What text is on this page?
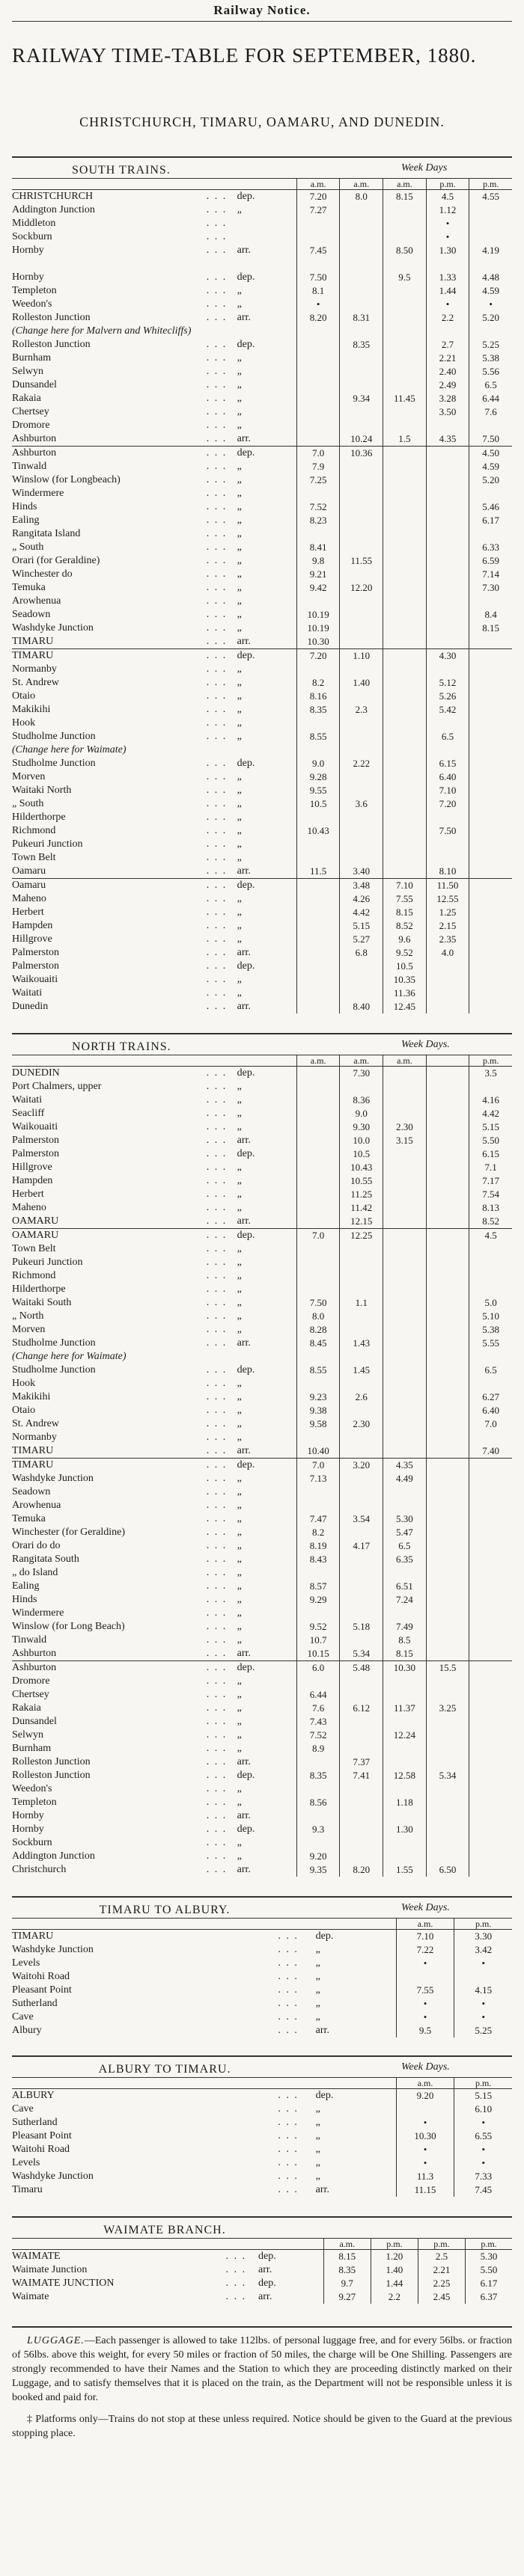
Railway Notice.
RAILWAY TIME-TABLE FOR SEPTEMBER, 1880.
CHRISTCHURCH, TIMARU, OAMARU, AND DUNEDIN.
SOUTH TRAINS.	Week Days
				a.m.	a.m.	a.m.	p.m.	p.m.
CHRISTCHURCH	. . .	dep.		7.20	8.0	8.15	4.5	4.55
Addington Junction	. . .	„		7.27			1.12	
Middleton	. . .						•	
Sockburn	. . .						•	
Hornby	. . .	arr.		7.45		8.50	1.30	4.19

Hornby	. . .	dep.		7.50		9.5	1.33	4.48
Templeton	. . .	„		8.1			1.44	4.59
Weedon's	. . .	„		•			•	•
Rolleston Junction	. . .	arr.		8.20	8.31		2.2	5.20
(Change here for Malvern and Whitecliffs)								
Rolleston Junction	. . .	dep.			8.35		2.7	5.25
Burnham	. . .	„					2.21	5.38
Selwyn	. . .	„					2.40	5.56
Dunsandel	. . .	„					2.49	6.5
Rakaia	. . .	„			9.34	11.45	3.28	6.44
Chertsey	. . .	„					3.50	7.6
Dromore	. . .	„						
Ashburton	. . .	arr.			10.24	1.5	4.35	7.50
Ashburton	. . .	dep.		7.0	10.36			4.50
Tinwald	. . .	„		7.9				4.59
Winslow (for Longbeach)	. . .	„		7.25				5.20
Windermere	. . .	„						
Hinds	. . .	„		7.52				5.46
Ealing	. . .	„		8.23				6.17
Rangitata Island	. . .	„						
„ South	. . .	„		8.41				6.33
Orari (for Geraldine)	. . .	„		9.8	11.55			6.59
Winchester do	. . .	„		9.21				7.14
Temuka	. . .	„		9.42	12.20			7.30
Arowhenua	. . .	„						
Seadown	. . .	„		10.19				8.4
Washdyke Junction	. . .	„		10.19				8.15
TIMARU	. . .	arr.		10.30				
TIMARU	. . .	dep.		7.20	1.10		4.30	
Normanby	. . .	„						
St. Andrew	. . .	„		8.2	1.40		5.12	
Otaio	. . .	„		8.16			5.26	
Makikihi	. . .	„		8.35	2.3		5.42	
Hook	. . .	„						
Studholme Junction	. . .	„		8.55			6.5	
(Change here for Waimate)								
Studholme Junction	. . .	dep.		9.0	2.22		6.15	
Morven	. . .	„		9.28			6.40	
Waitaki North	. . .	„		9.55			7.10	
„ South	. . .	„		10.5	3.6		7.20	
Hilderthorpe	. . .	„						
Richmond	. . .	„		10.43			7.50	
Pukeuri Junction	. . .	„						
Town Belt	. . .	„						
Oamaru	. . .	arr.		11.5	3.40		8.10	
Oamaru	. . .	dep.			3.48	7.10	11.50	
Maheno	. . .	„			4.26	7.55	12.55	
Herbert	. . .	„			4.42	8.15	1.25	
Hampden	. . .	„			5.15	8.52	2.15	
Hillgrove	. . .	„			5.27	9.6	2.35	
Palmerston	. . .	arr.			6.8	9.52	4.0	
Palmerston	. . .	dep.				10.5		
Waikouaiti	. . .	„				10.35		
Waitati	. . .	„				11.36		
Dunedin	. . .	arr.			8.40	12.45		
NORTH TRAINS.	Week Days.
				a.m.	a.m.	a.m.		p.m.
DUNEDIN	. . .	dep.			7.30			3.5
Port Chalmers, upper	. . .	„						
Waitati	. . .	„			8.36			4.16
Seacliff	. . .	„			9.0			4.42
Waikouaiti	. . .	„			9.30	2.30		5.15
Palmerston	. . .	arr.			10.0	3.15		5.50
Palmerston	. . .	dep.			10.5			6.15
Hillgrove	. . .	„			10.43			7.1
Hampden	. . .	„			10.55			7.17
Herbert	. . .	„			11.25			7.54
Maheno	. . .	„			11.42			8.13
OAMARU	. . .	arr.			12.15			8.52
OAMARU	. . .	dep.		7.0	12.25			4.5
Town Belt	. . .	„						
Pukeuri Junction	. . .	„						
Richmond	. . .	„						
Hilderthorpe	. . .	„						
Waitaki South	. . .	„		7.50	1.1			5.0
„ North	. . .	„		8.0				5.10
Morven	. . .	„		8.28				5.38
Studholme Junction	. . .	arr.		8.45	1.43			5.55
(Change here for Waimate)								
Studholme Junction	. . .	dep.		8.55	1.45			6.5
Hook	. . .	„						
Makikihi	. . .	„		9.23	2.6			6.27
Otaio	. . .	„		9.38				6.40
St. Andrew	. . .	„		9.58	2.30			7.0
Normanby	. . .	„						
TIMARU	. . .	arr.		10.40				7.40
TIMARU	. . .	dep.		7.0	3.20	4.35		
Washdyke Junction	. . .	„		7.13		4.49		
Seadown	. . .	„						
Arowhenua	. . .	„						
Temuka	. . .	„		7.47	3.54	5.30		
Winchester (for Geraldine)	. . .	„		8.2		5.47		
Orari do do	. . .	„		8.19	4.17	6.5		
Rangitata South	. . .	„		8.43		6.35		
„ do Island	. . .	„						
Ealing	. . .	„		8.57		6.51		
Hinds	. . .	„		9.29		7.24		
Windermere	. . .	„						
Winslow (for Long Beach)	. . .	„		9.52	5.18	7.49		
Tinwald	. . .	„		10.7		8.5		
Ashburton	. . .	arr.		10.15	5.34	8.15		
Ashburton	. . .	dep.		6.0	5.48	10.30	15.5	
Dromore	. . .	„						
Chertsey	. . .	„		6.44				
Rakaia	. . .	„		7.6	6.12	11.37	3.25	
Dunsandel	. . .	„		7.43				
Selwyn	. . .	„		7.52		12.24		
Burnham	. . .	„		8.9				
Rolleston Junction	. . .	arr.			7.37			
Rolleston Junction	. . .	dep.		8.35	7.41	12.58	5.34	
Weedon's	. . .	„						
Templeton	. . .	„		8.56		1.18		
Hornby	. . .	arr.						
Hornby	. . .	dep.		9.3		1.30		
Sockburn	. . .	„						
Addington Junction	. . .	„		9.20				
Christchurch	. . .	arr.		9.35	8.20	1.55	6.50	
TIMARU TO ALBURY.	Week Days.
				a.m.	p.m.
TIMARU	. . .	dep.		7.10	3.30
Washdyke Junction	. . .	„		7.22	3.42
Levels	. . .	„		•	•
Waitohi Road	. . .	„			
Pleasant Point	. . .	„		7.55	4.15
Sutherland	. . .	„		•	•
Cave	. . .	„		•	•
Albury	. . .	arr.		9.5	5.25
ALBURY TO TIMARU.	Week Days.
				a.m.	p.m.
ALBURY	. . .	dep.		9.20	5.15
Cave	. . .	„			6.10
Sutherland	. . .	„		•	•
Pleasant Point	. . .	„		10.30	6.55
Waitohi Road	. . .	„		•	•
Levels	. . .	„		•	•
Washdyke Junction	. . .	„		11.3	7.33
Timaru	. . .	arr.		11.15	7.45
WAIMATE BRANCH.
				a.m.	p.m.	p.m.	p.m.
WAIMATE	. . .	dep.		8.15	1.20	2.5	5.30
Waimate Junction	. . .	arr.		8.35	1.40	2.21	5.50
WAIMATE JUNCTION	. . .	dep.		9.7	1.44	2.25	6.17
Waimate	. . .	arr.		9.27	2.2	2.45	6.37

LUGGAGE.—Each passenger is allowed to take 112lbs. of personal luggage free, and for every 56lbs. or fraction of 56lbs. above this weight, for every 50 miles or fraction of 50 miles, the charge will be One Shilling. Passengers are strongly recommended to have their Names and the Station to which they are proceeding distinctly marked on their Luggage, and to satisfy themselves that it is placed on the train, as the Department will not be responsible unless it is booked and paid for.

‡ Platforms only—Trains do not stop at these unless required. Notice should be given to the Guard at the previous stopping place.
